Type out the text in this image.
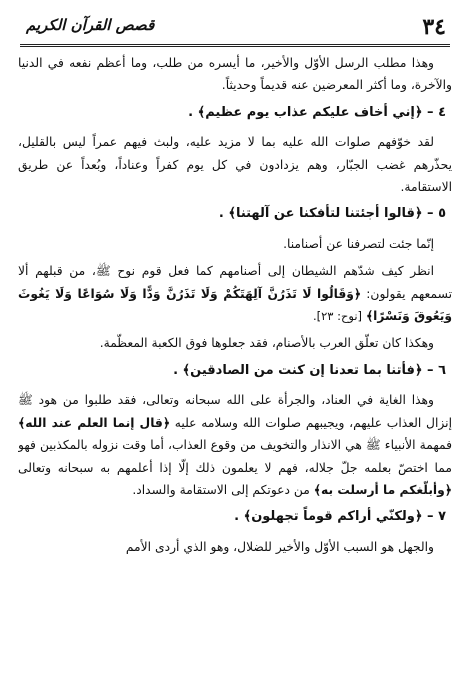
٣٤
قصص القرآن الكريم

وهذا مطلب الرسل الأوّل والأخير، ما أيسره من طلب، وما أعظم نفعه في الدنيا والآخرة، وما أكثر المعرضين عنه قديماً وحديثاً.

٤ – ﴿إني أخاف عليكم عذاب يوم عظيم﴾ .

لقد خوّفهم صلوات الله عليه بما لا مزيد عليه، ولبث فيهم عمراً ليس بالقليل، يحذّرهم غضب الجبّار، وهم يزدادون في كل يوم كفراً وعناداً، وبُعداً عن طريق الاستقامة.

٥ – ﴿قالوا أجئتنا لتأفكنا عن آلهتنا﴾ .

إنّما جئت لتصرفنا عن أصنامنا.

انظر كيف شدّهم الشيطان إلى أصنامهم كما فعل قوم نوح ﷺ، من قبلهم ألا تسمعهم يقولون: ﴿وَقَالُوا لَا تَذَرُنَّ آلِهَتَكُمْ وَلَا تَذَرُنَّ وَدًّا وَلَا سُوَاعًا وَلَا يَغُوثَ وَيَعُوقَ وَنَسْرًا﴾ [نوح: ٢٣].

وهكذا كان تعلّق العرب بالأصنام، فقد جعلوها فوق الكعبة المعظّمة.

٦ – ﴿فأتنا بما تعدنا إن كنت من الصادقين﴾ .

وهذا الغاية في العناد، والجرأة على الله سبحانه وتعالى، فقد طلبوا من هود ﷺ إنزال العذاب عليهم، ويجيبهم صلوات الله وسلامه عليه ﴿قال إنما العلم عند الله﴾ فمهمة الأنبياء ﷺ هي الانذار والتخويف من وقوع العذاب، أما وقت نزوله بالمكذبين فهو مما اختصّ بعلمه جلّ جلاله، فهم لا يعلمون ذلك إلّا إذا أعلمهم به سبحانه وتعالى ﴿وأبلّغكم ما أرسلت به﴾ من دعوتكم إلى الاستقامة والسداد.

٧ – ﴿ولكنّي أراكم قوماً تجهلون﴾ .

والجهل هو السبب الأوّل والأخير للضلال، وهو الذي أردى الأمم
